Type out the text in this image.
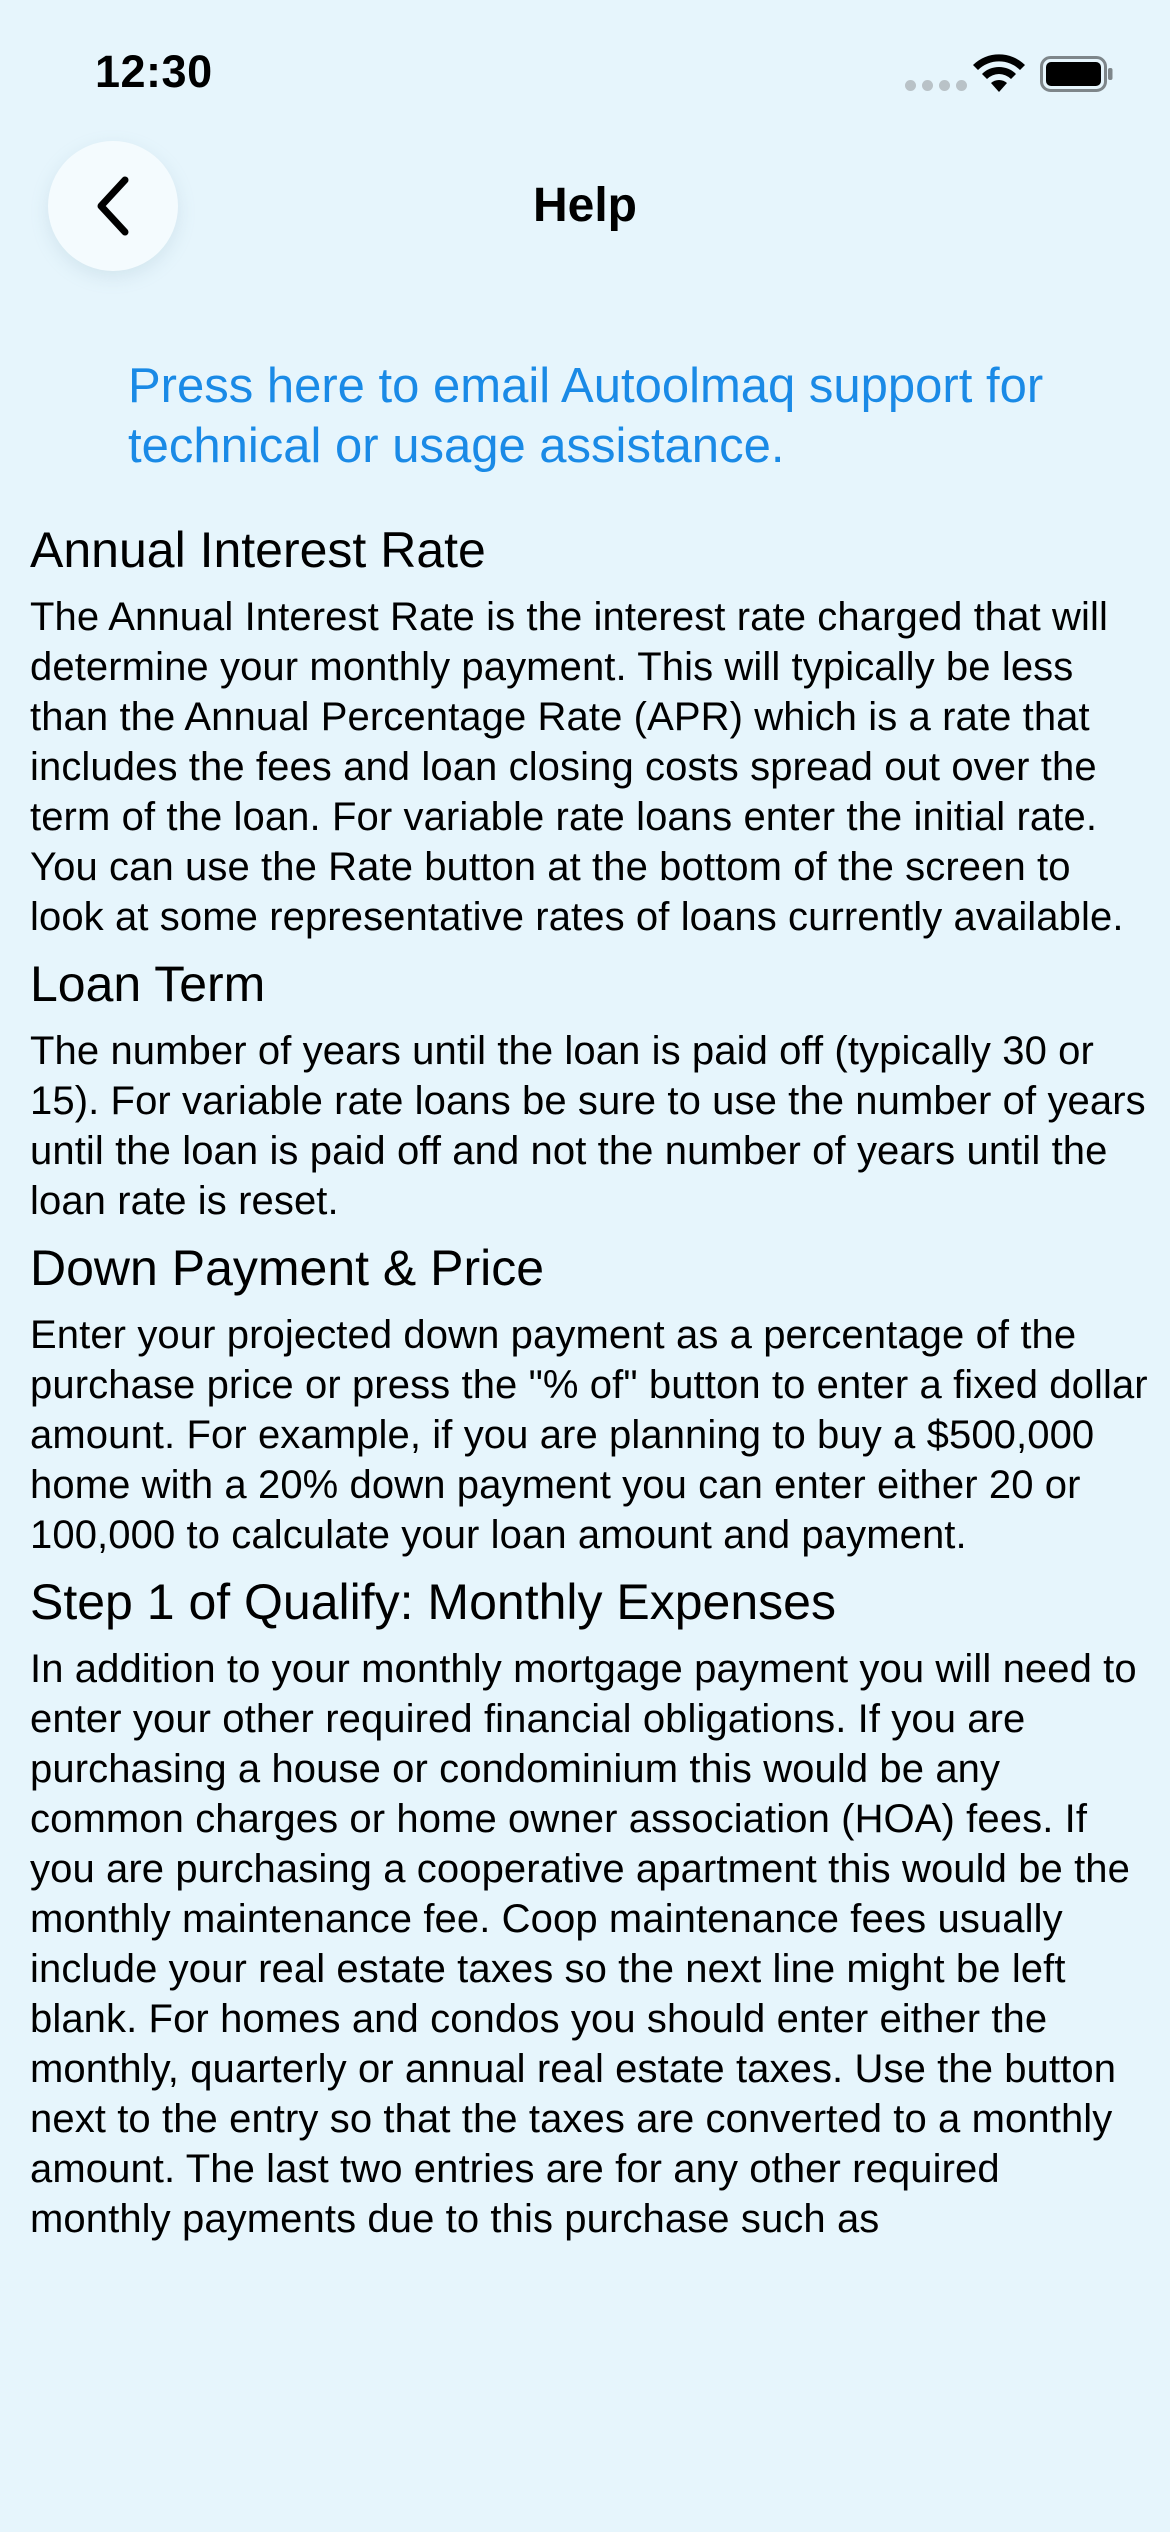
12:30
Help
Press here to email Autoolmaq support for technical or usage assistance.
Annual Interest Rate

The Annual Interest Rate is the interest rate charged that will determine your monthly payment. This will typically be less than the Annual Percentage Rate (APR) which is a rate that includes the fees and loan closing costs spread out over the term of the loan. For variable rate loans enter the initial rate. You can use the Rate button at the bottom of the screen to look at some representative rates of loans currently available.

Loan Term

The number of years until the loan is paid off (typically 30 or 15). For variable rate loans be sure to use the number of years until the loan is paid off and not the number of years until the loan rate is reset.

Down Payment & Price

Enter your projected down payment as a percentage of the purchase price or press the "% of" button to enter a fixed dollar amount. For example, if you are planning to buy a $500,000 home with a 20% down payment you can enter either 20 or 100,000 to calculate your loan amount and payment.

Step 1 of Qualify: Monthly Expenses

In addition to your monthly mortgage payment you will need to enter your other required financial obligations. If you are purchasing a house or condominium this would be any common charges or home owner association (HOA) fees. If you are purchasing a cooperative apartment this would be the monthly maintenance fee. Coop maintenance fees usually include your real estate taxes so the next line might be left blank. For homes and condos you should enter either the monthly, quarterly or annual real estate taxes. Use the button next to the entry so that the taxes are converted to a monthly amount. The last two entries are for any other required monthly payments due to this purchase such as
